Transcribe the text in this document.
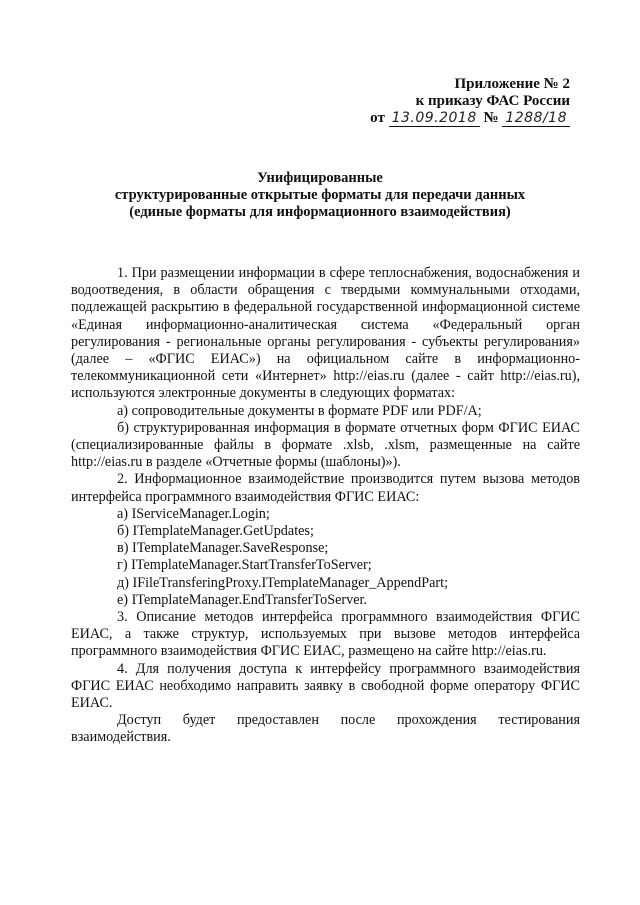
Приложение № 2
к приказу ФАС России
от 13.09.2018 № 1288/18
Унифицированные
структурированные открытые форматы для передачи данных
(единые форматы для информационного взаимодействия)

1. При размещении информации в сфере теплоснабжения, водоснабжения и водоотведения, в области обращения с твердыми коммунальными отходами, подлежащей раскрытию в федеральной государственной информационной системе «Единая информационно-аналитическая система «Федеральный орган регулирования - региональные органы регулирования - субъекты регулирования» (далее – «ФГИС ЕИАС») на официальном сайте в информационно-телекоммуникационной сети «Интернет» http://eias.ru (далее - сайт http://eias.ru), используются электронные документы в следующих форматах:

а) сопроводительные документы в формате PDF или PDF/A;

б) структурированная информация в формате отчетных форм ФГИС ЕИАС (специализированные файлы в формате .xlsb, .xlsm, размещенные на сайте http://eias.ru в разделе «Отчетные формы (шаблоны)»).

2. Информационное взаимодействие производится путем вызова методов интерфейса программного взаимодействия ФГИС ЕИАС:

а) IServiceManager.Login;

б) ITemplateManager.GetUpdates;

в) ITemplateManager.SaveResponse;

г) ITemplateManager.StartTransferToServer;

д) IFileTransferingProxy.ITemplateManager_AppendPart;

е) ITemplateManager.EndTransferToServer.

3. Описание методов интерфейса программного взаимодействия ФГИС ЕИАС, а также структур, используемых при вызове методов интерфейса программного взаимодействия ФГИС ЕИАС, размещено на сайте http://eias.ru.

4. Для получения доступа к интерфейсу программного взаимодействия ФГИС ЕИАС необходимо направить заявку в свободной форме оператору ФГИС ЕИАС.

Доступ будет предоставлен после прохождения тестирования взаимодействия.
